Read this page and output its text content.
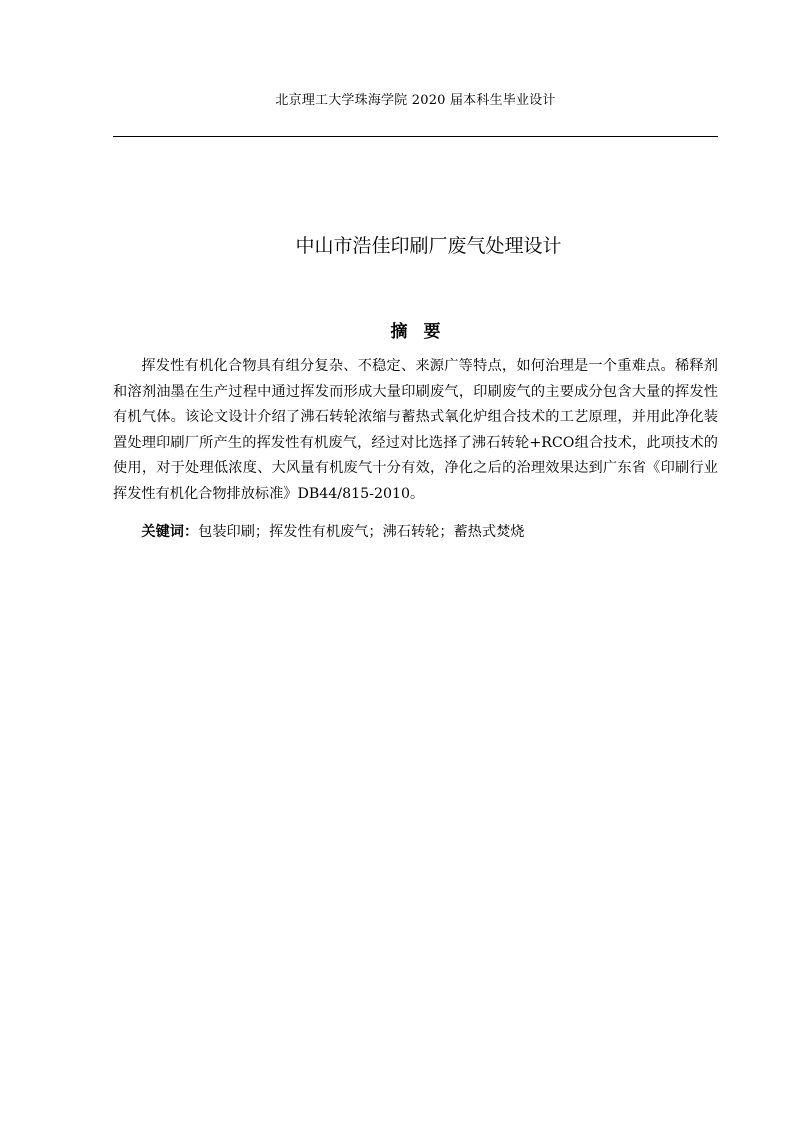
北京理工大学珠海学院 2020 届本科生毕业设计
中山市浩佳印刷厂废气处理设计
摘要

挥发性有机化合物具有组分复杂、不稳定、来源广等特点，如何治理是一个重难点。稀释剂和溶剂油墨在生产过程中通过挥发而形成大量印刷废气，印刷废气的主要成分包含大量的挥发性有机气体。该论文设计介绍了沸石转轮浓缩与蓄热式氧化炉组合技术的工艺原理，并用此净化装置处理印刷厂所产生的挥发性有机废气，经过对比选择了沸石转轮+RCO组合技术，此项技术的使用，对于处理低浓度、大风量有机废气十分有效，净化之后的治理效果达到广东省《印刷行业挥发性有机化合物排放标准》DB44/815-2010。

关键词：包装印刷；挥发性有机废气；沸石转轮；蓄热式焚烧
